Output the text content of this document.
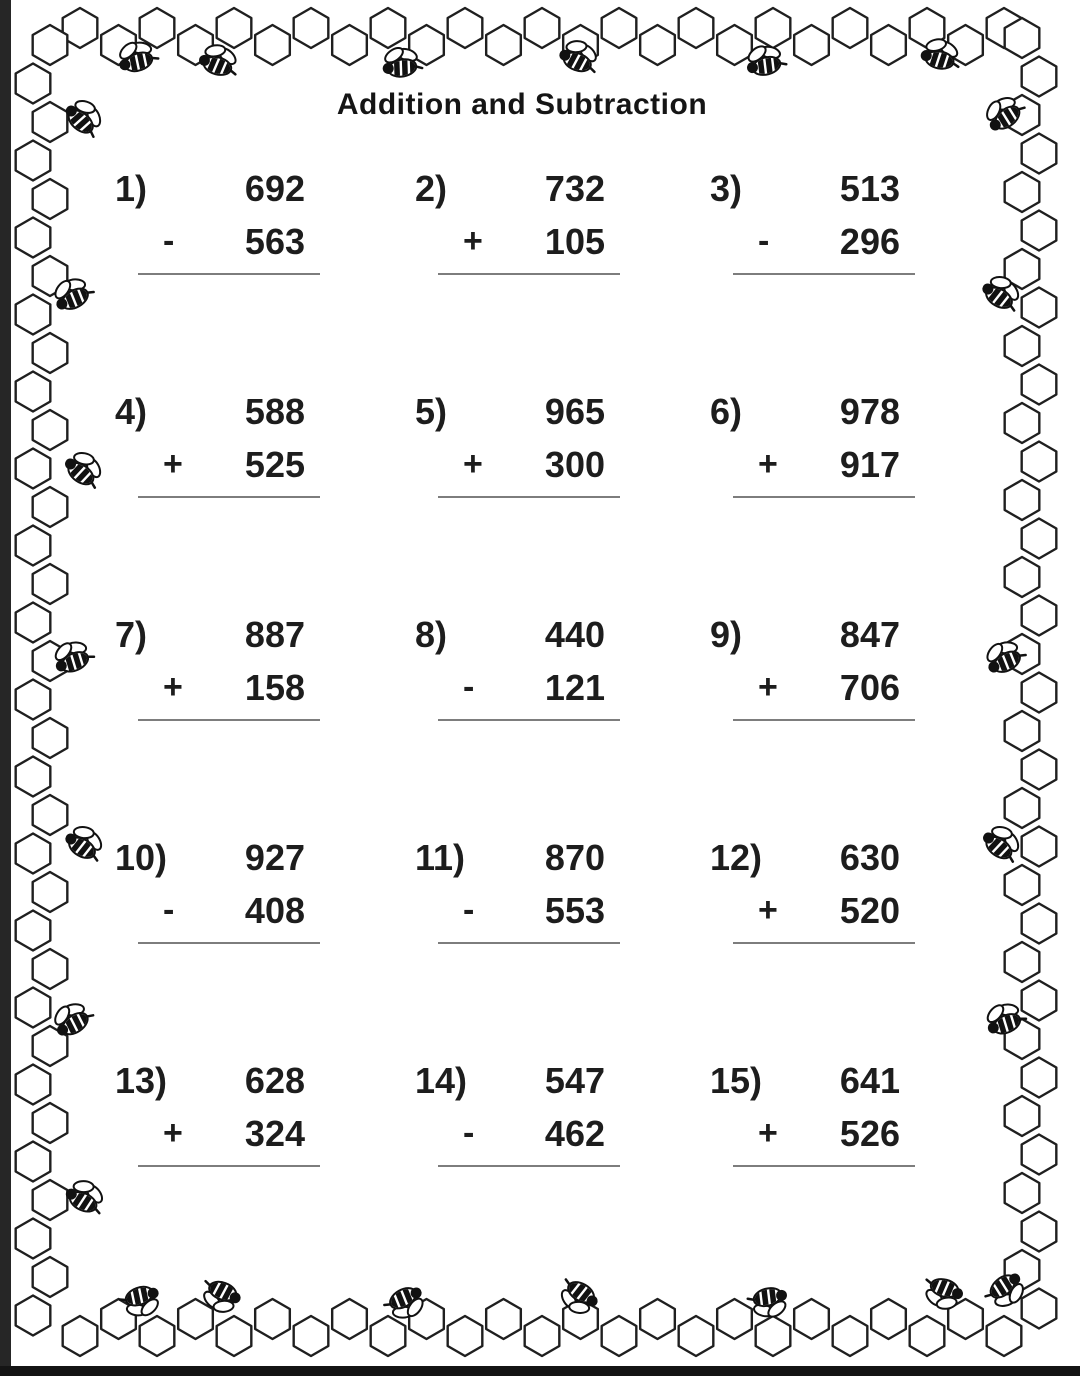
Addition and Subtraction
1)	692
-	563
2)	732
+	105
3)	513
-	296
4)	588
+	525
5)	965
+	300
6)	978
+	917
7)	887
+	158
8)	440
-	121
9)	847
+	706
10)	927
-	408
11)	870
-	553
12)	630
+	520
13)	628
+	324
14)	547
-	462
15)	641
+	526
